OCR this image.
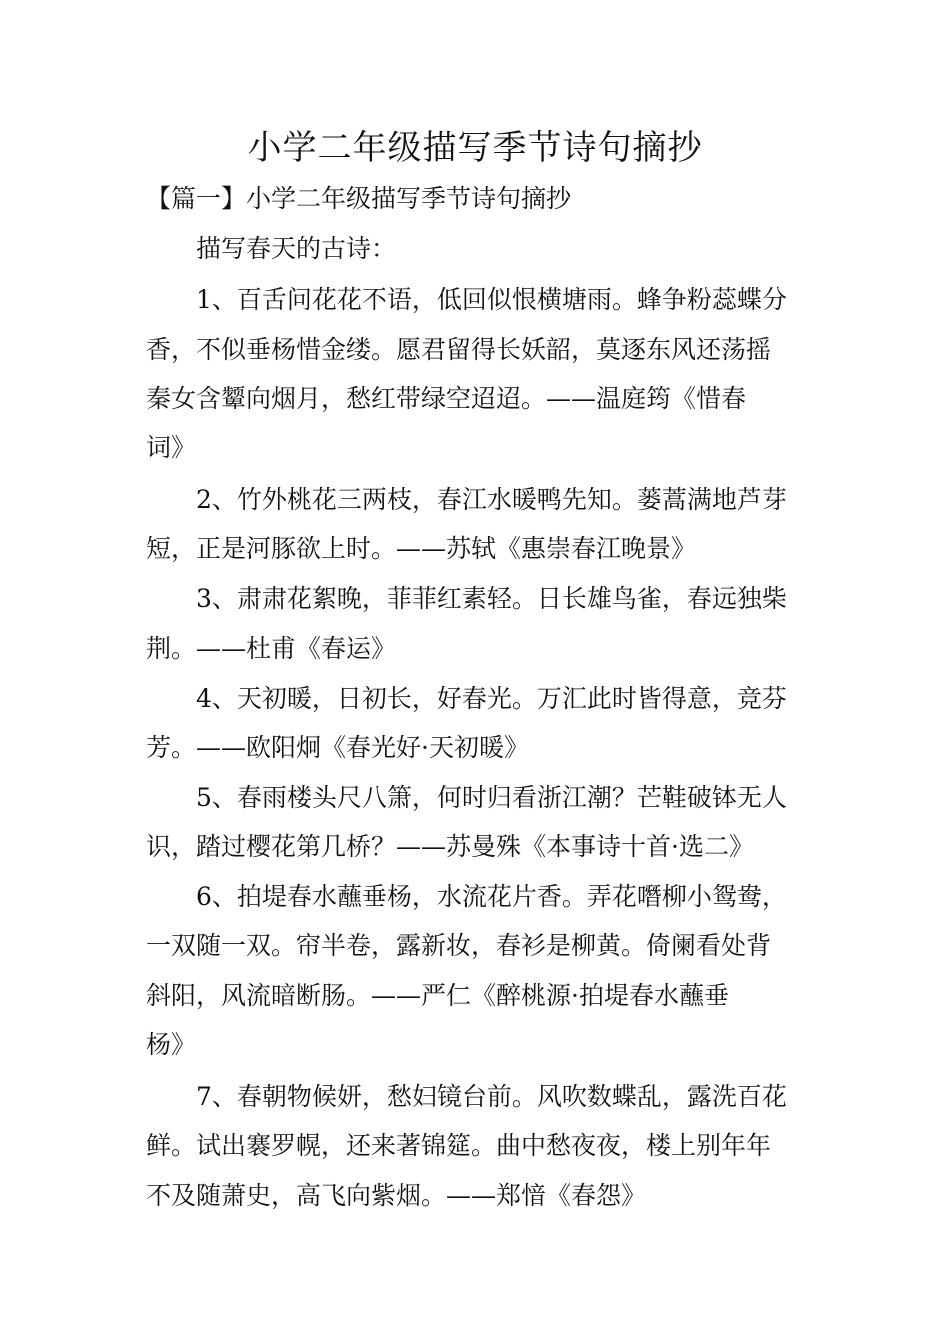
小学二年级描写季节诗句摘抄
【篇一】小学二年级描写季节诗句摘抄
描写春天的古诗：
1、百舌问花花不语，低回似恨横塘雨。蜂争粉蕊蝶分
香，不似垂杨惜金缕。愿君留得长妖韶，莫逐东风还荡摇
秦女含颦向烟月，愁红带绿空迢迢。——温庭筠《惜春
词》
2、竹外桃花三两枝，春江水暖鸭先知。蒌蒿满地芦芽
短，正是河豚欲上时。——苏轼《惠崇春江晚景》
3、肃肃花絮晚，菲菲红素轻。日长雄鸟雀，春远独柴
荆。——杜甫《春运》
4、天初暖，日初长，好春光。万汇此时皆得意，竞芬
芳。——欧阳炯《春光好·天初暖》
5、春雨楼头尺八箫，何时归看浙江潮？芒鞋破钵无人
识，踏过樱花第几桥？——苏曼殊《本事诗十首·选二》
6、拍堤春水蘸垂杨，水流花片香。弄花噆柳小鸳鸯，
一双随一双。帘半卷，露新妆，春衫是柳黄。倚阑看处背
斜阳，风流暗断肠。——严仁《醉桃源·拍堤春水蘸垂
杨》
7、春朝物候妍，愁妇镜台前。风吹数蝶乱，露洗百花
鲜。试出褰罗幌，还来著锦筵。曲中愁夜夜，楼上别年年
不及随萧史，高飞向紫烟。——郑愔《春怨》
